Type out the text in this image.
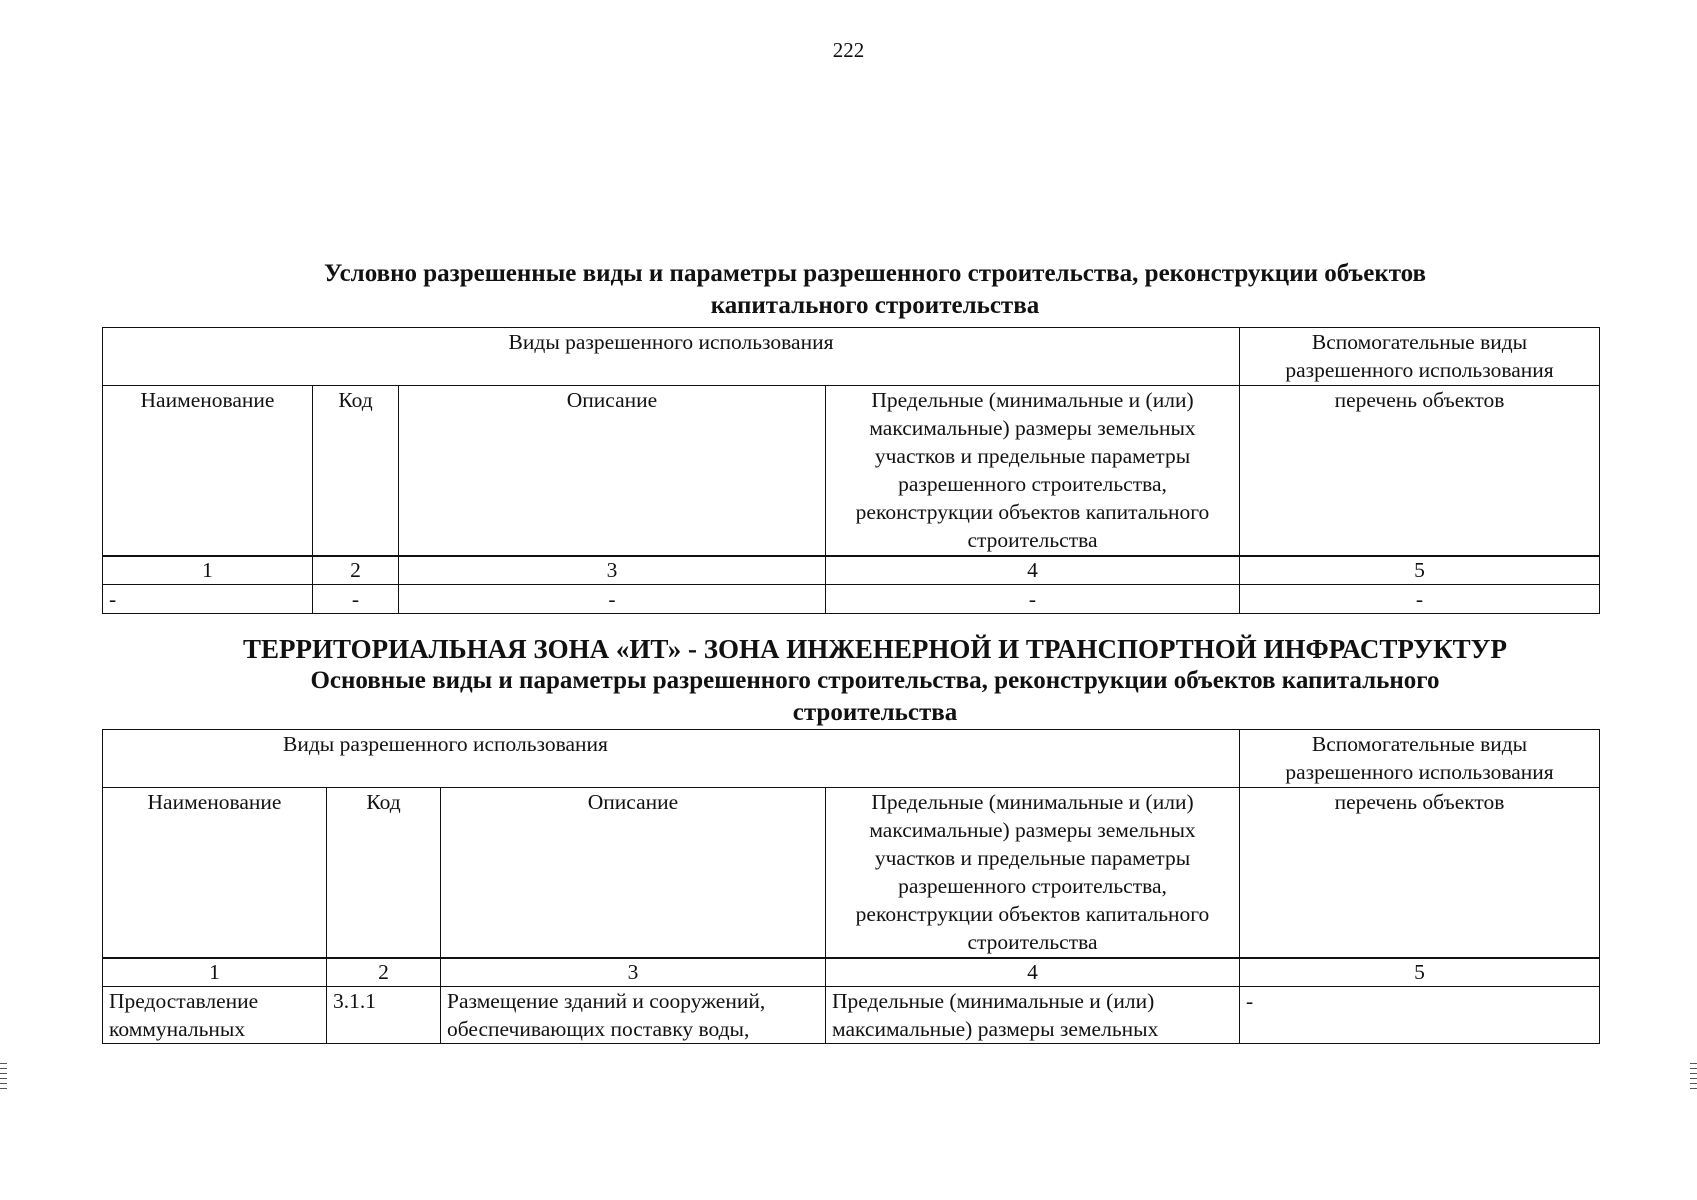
222
Условно разрешенные виды и параметры разрешенного строительства, реконструкции объектов
капитального строительства
Виды разрешенного использования				Вспомогательные виды разрешенного использования
Наименование	Код	Описание	Предельные (минимальные и (или) максимальные) размеры земельных участков и предельные параметры разрешенного строительства, реконструкции объектов капитального строительства	перечень объектов
1	2	3	4	5
-	-	-	-	-
ТЕРРИТОРИАЛЬНАЯ ЗОНА «ИТ» - ЗОНА ИНЖЕНЕРНОЙ И ТРАНСПОРТНОЙ ИНФРАСТРУКТУР
Основные виды и параметры разрешенного строительства, реконструкции объектов капитального
строительства
Виды разрешенного использования				Вспомогательные виды разрешенного использования
Наименование	Код	Описание	Предельные (минимальные и (или) максимальные) размеры земельных участков и предельные параметры разрешенного строительства, реконструкции объектов капитального строительства	перечень объектов
1	2	3	4	5
Предоставление коммунальных	3.1.1	Размещение зданий и сооружений, обеспечивающих поставку воды,	Предельные (минимальные и (или) максимальные) размеры земельных	-
